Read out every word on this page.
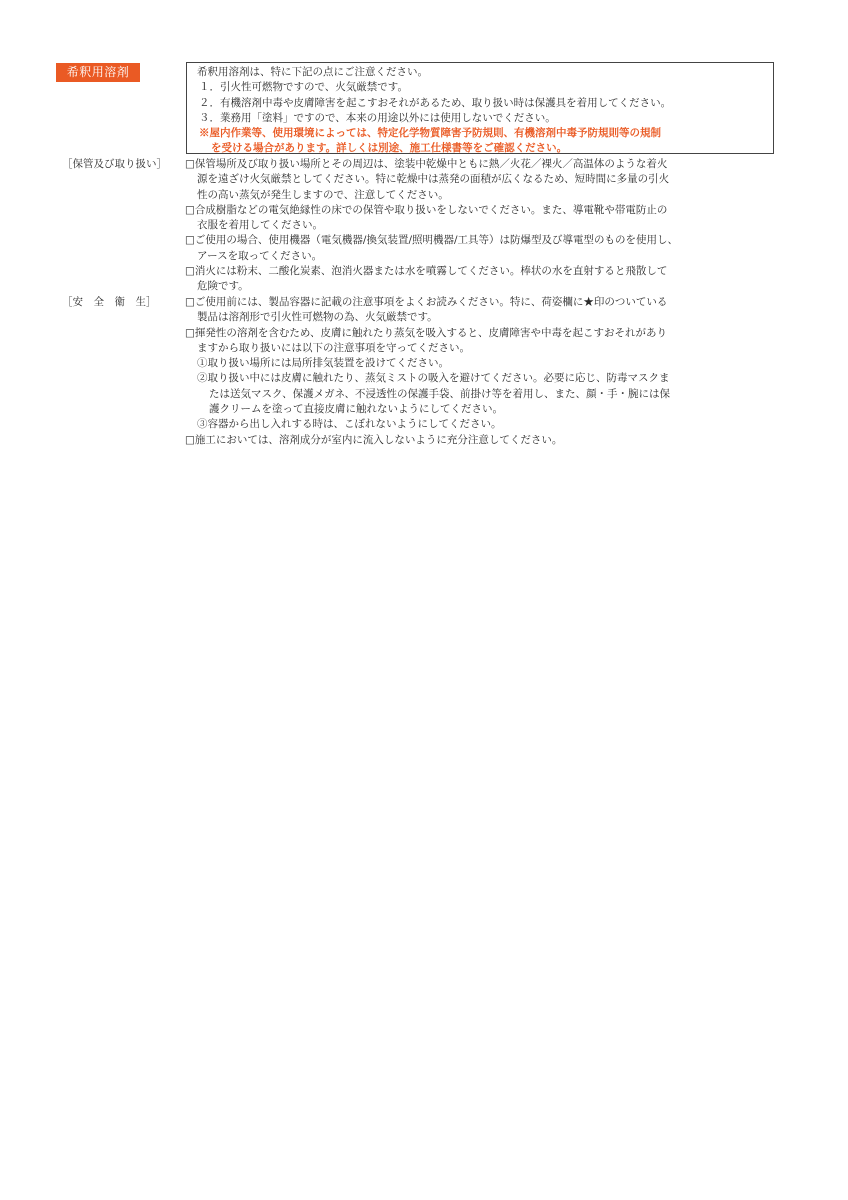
希釈用溶剤	希釈用溶剤は、特に下記の点にご注意ください。
１．引火性可燃物ですので、火気厳禁です。
２．有機溶剤中毒や皮膚障害を起こすおそれがあるため、取り扱い時は保護具を着用してください。
３．業務用「塗料」ですので、本来の用途以外には使用しないでください。
※屋内作業等、使用環境によっては、特定化学物質障害予防規則、有機溶剤中毒予防規則等の規制
を受ける場合があります。詳しくは別途、施工仕様書等をご確認ください。
［保管及び取り扱い］	□保管場所及び取り扱い場所とその周辺は、塗装中乾燥中ともに熱／火花／裸火／高温体のような着火
源を遠ざけ火気厳禁としてください。特に乾燥中は蒸発の面積が広くなるため、短時間に多量の引火
性の高い蒸気が発生しますので、注意してください。
□合成樹脂などの電気絶縁性の床での保管や取り扱いをしないでください。また、導電靴や帯電防止の
衣服を着用してください。
□ご使用の場合、使用機器（電気機器/換気装置/照明機器/工具等）は防爆型及び導電型のものを使用し、
アースを取ってください。
□消火には粉末、二酸化炭素、泡消火器または水を噴霧してください。棒状の水を直射すると飛散して
危険です。
［安　全　衛　生］	□ご使用前には、製品容器に記載の注意事項をよくお読みください。特に、荷姿欄に★印のついている
製品は溶剤形で引火性可燃物の為、火気厳禁です。
□揮発性の溶剤を含むため、皮膚に触れたり蒸気を吸入すると、皮膚障害や中毒を起こすおそれがあり
ますから取り扱いには以下の注意事項を守ってください。
①取り扱い場所には局所排気装置を設けてください。
②取り扱い中には皮膚に触れたり、蒸気ミストの吸入を避けてください。必要に応じ、防毒マスクま
たは送気マスク、保護メガネ、不浸透性の保護手袋、前掛け等を着用し、また、顔・手・腕には保
護クリームを塗って直接皮膚に触れないようにしてください。
③容器から出し入れする時は、こぼれないようにしてください。
□施工においては、溶剤成分が室内に流入しないように充分注意してください。
